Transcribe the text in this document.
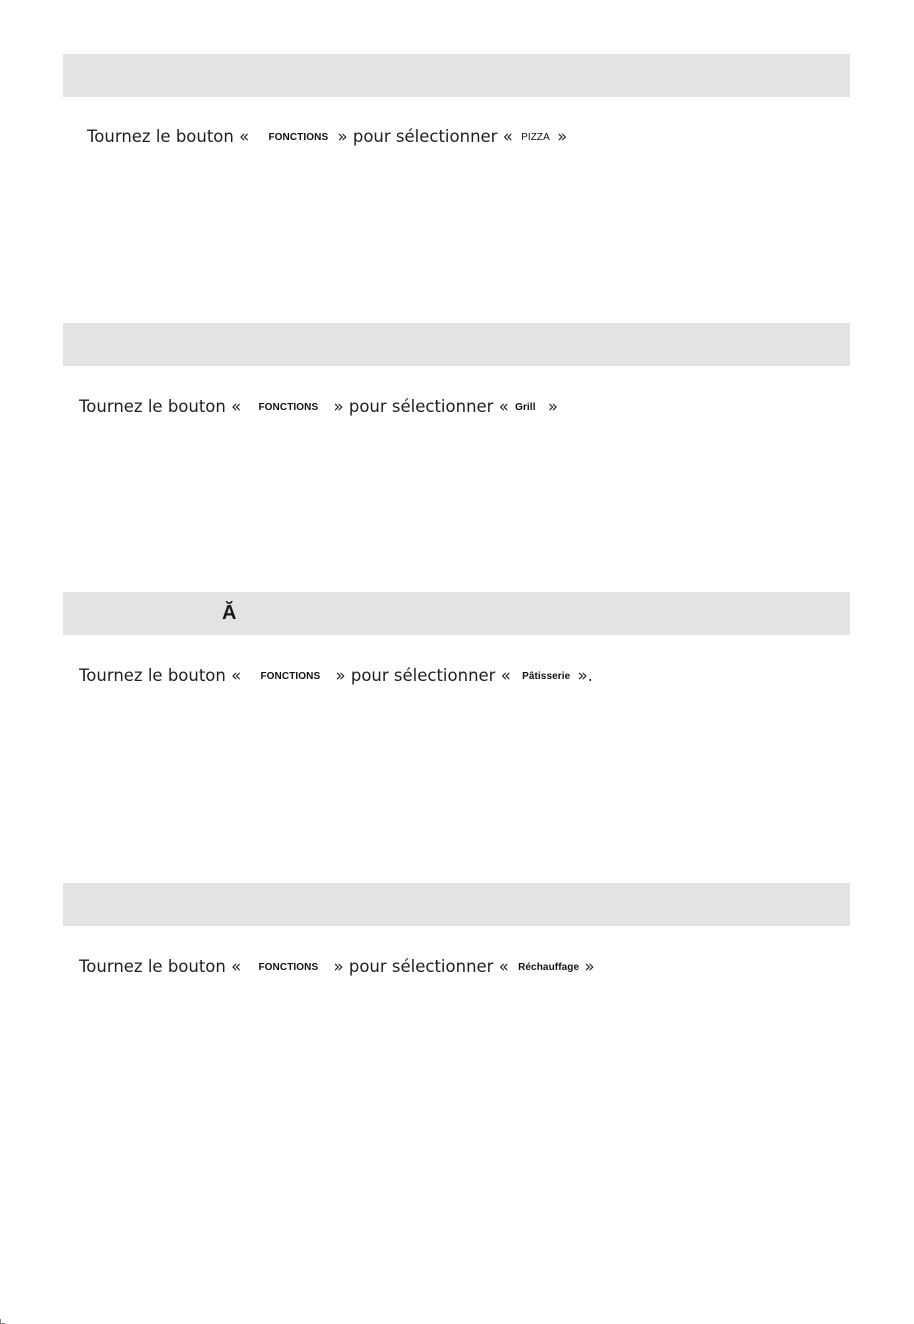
Tournez le bouton « FONCTIONS » pour sélectionner « PIZZA »
Tournez le bouton « FONCTIONS » pour sélectionner « Grill »
Ă
Tournez le bouton « FONCTIONS » pour sélectionner « Pâtisserie ».
Tournez le bouton « FONCTIONS » pour sélectionner « Réchauffage »
